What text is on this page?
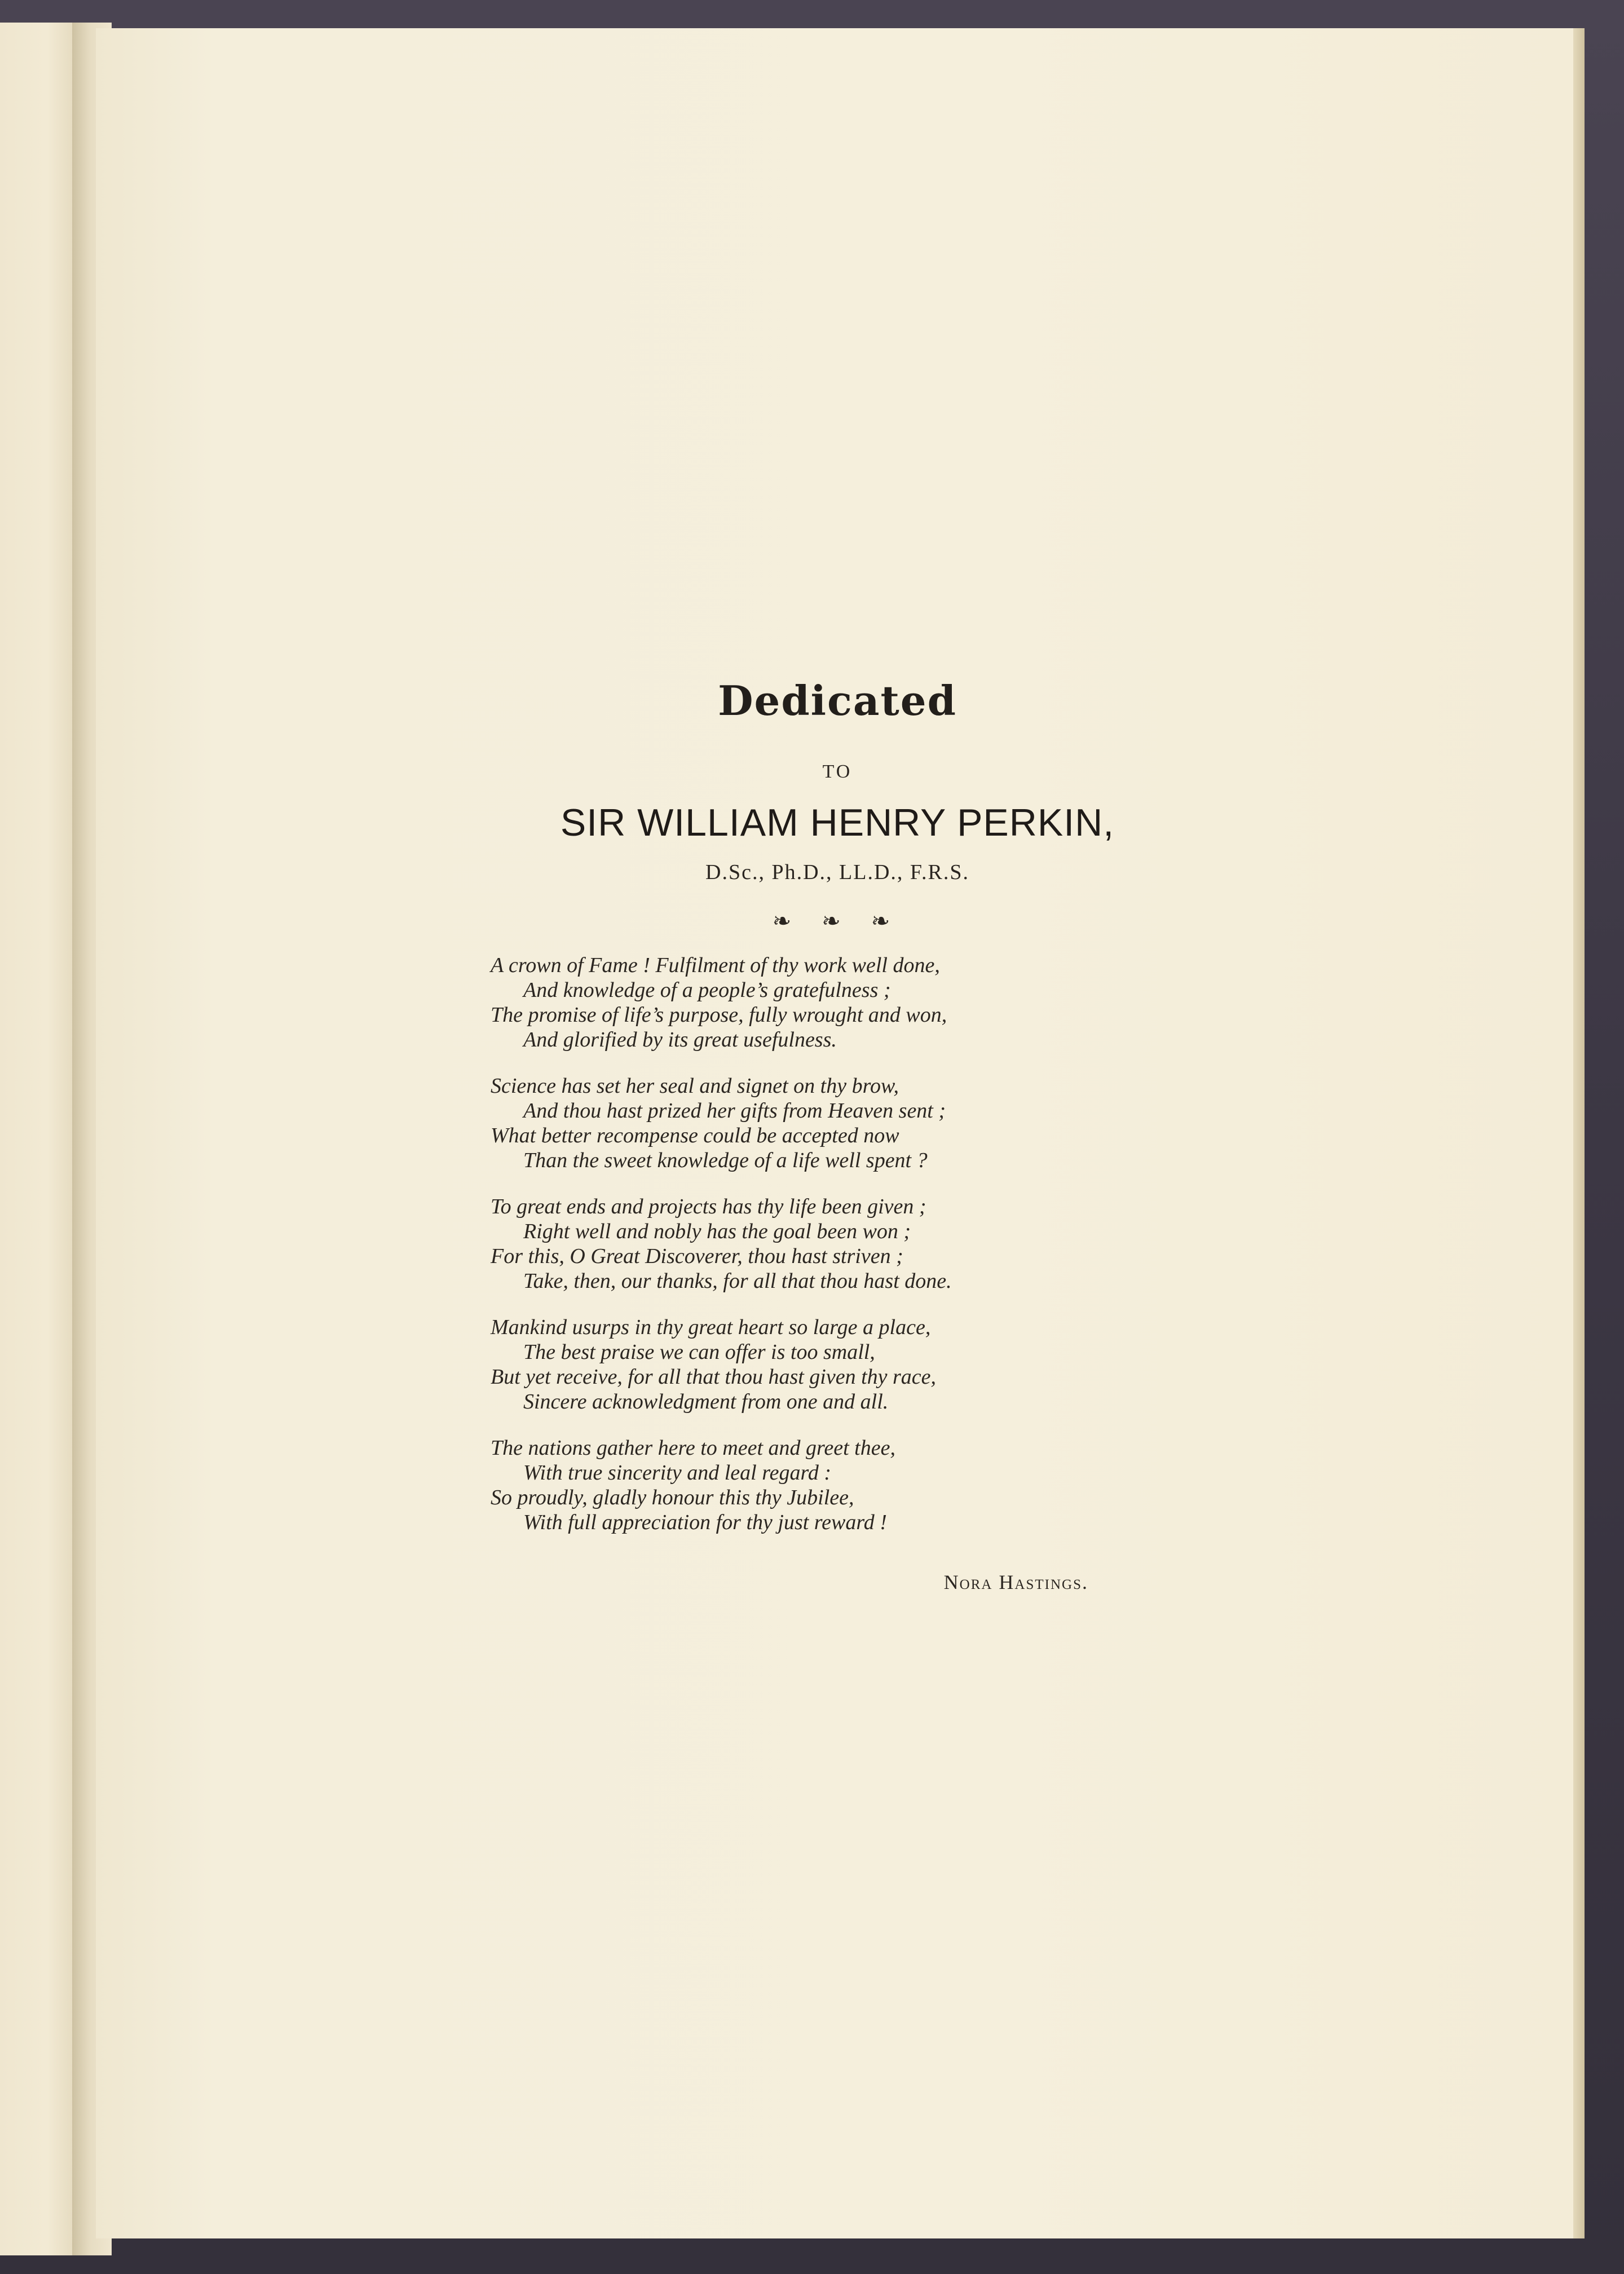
Dedicated
TO
SIR WILLIAM HENRY PERKIN,
D.Sc., Ph.D., LL.D., F.R.S.
❧ ❧ ❧
A crown of Fame ! Fulfilment of thy work well done,
And knowledge of a people’s gratefulness ;
The promise of life’s purpose, fully wrought and won,
And glorified by its great usefulness.
Science has set her seal and signet on thy brow,
And thou hast prized her gifts from Heaven sent ;
What better recompense could be accepted now
Than the sweet knowledge of a life well spent ?
To great ends and projects has thy life been given ;
Right well and nobly has the goal been won ;
For this, O Great Discoverer, thou hast striven ;
Take, then, our thanks, for all that thou hast done.
Mankind usurps in thy great heart so large a place,
The best praise we can offer is too small,
But yet receive, for all that thou hast given thy race,
Sincere acknowledgment from one and all.
The nations gather here to meet and greet thee,
With true sincerity and leal regard :
So proudly, gladly honour this thy Jubilee,
With full appreciation for thy just reward !
Nora Hastings.
